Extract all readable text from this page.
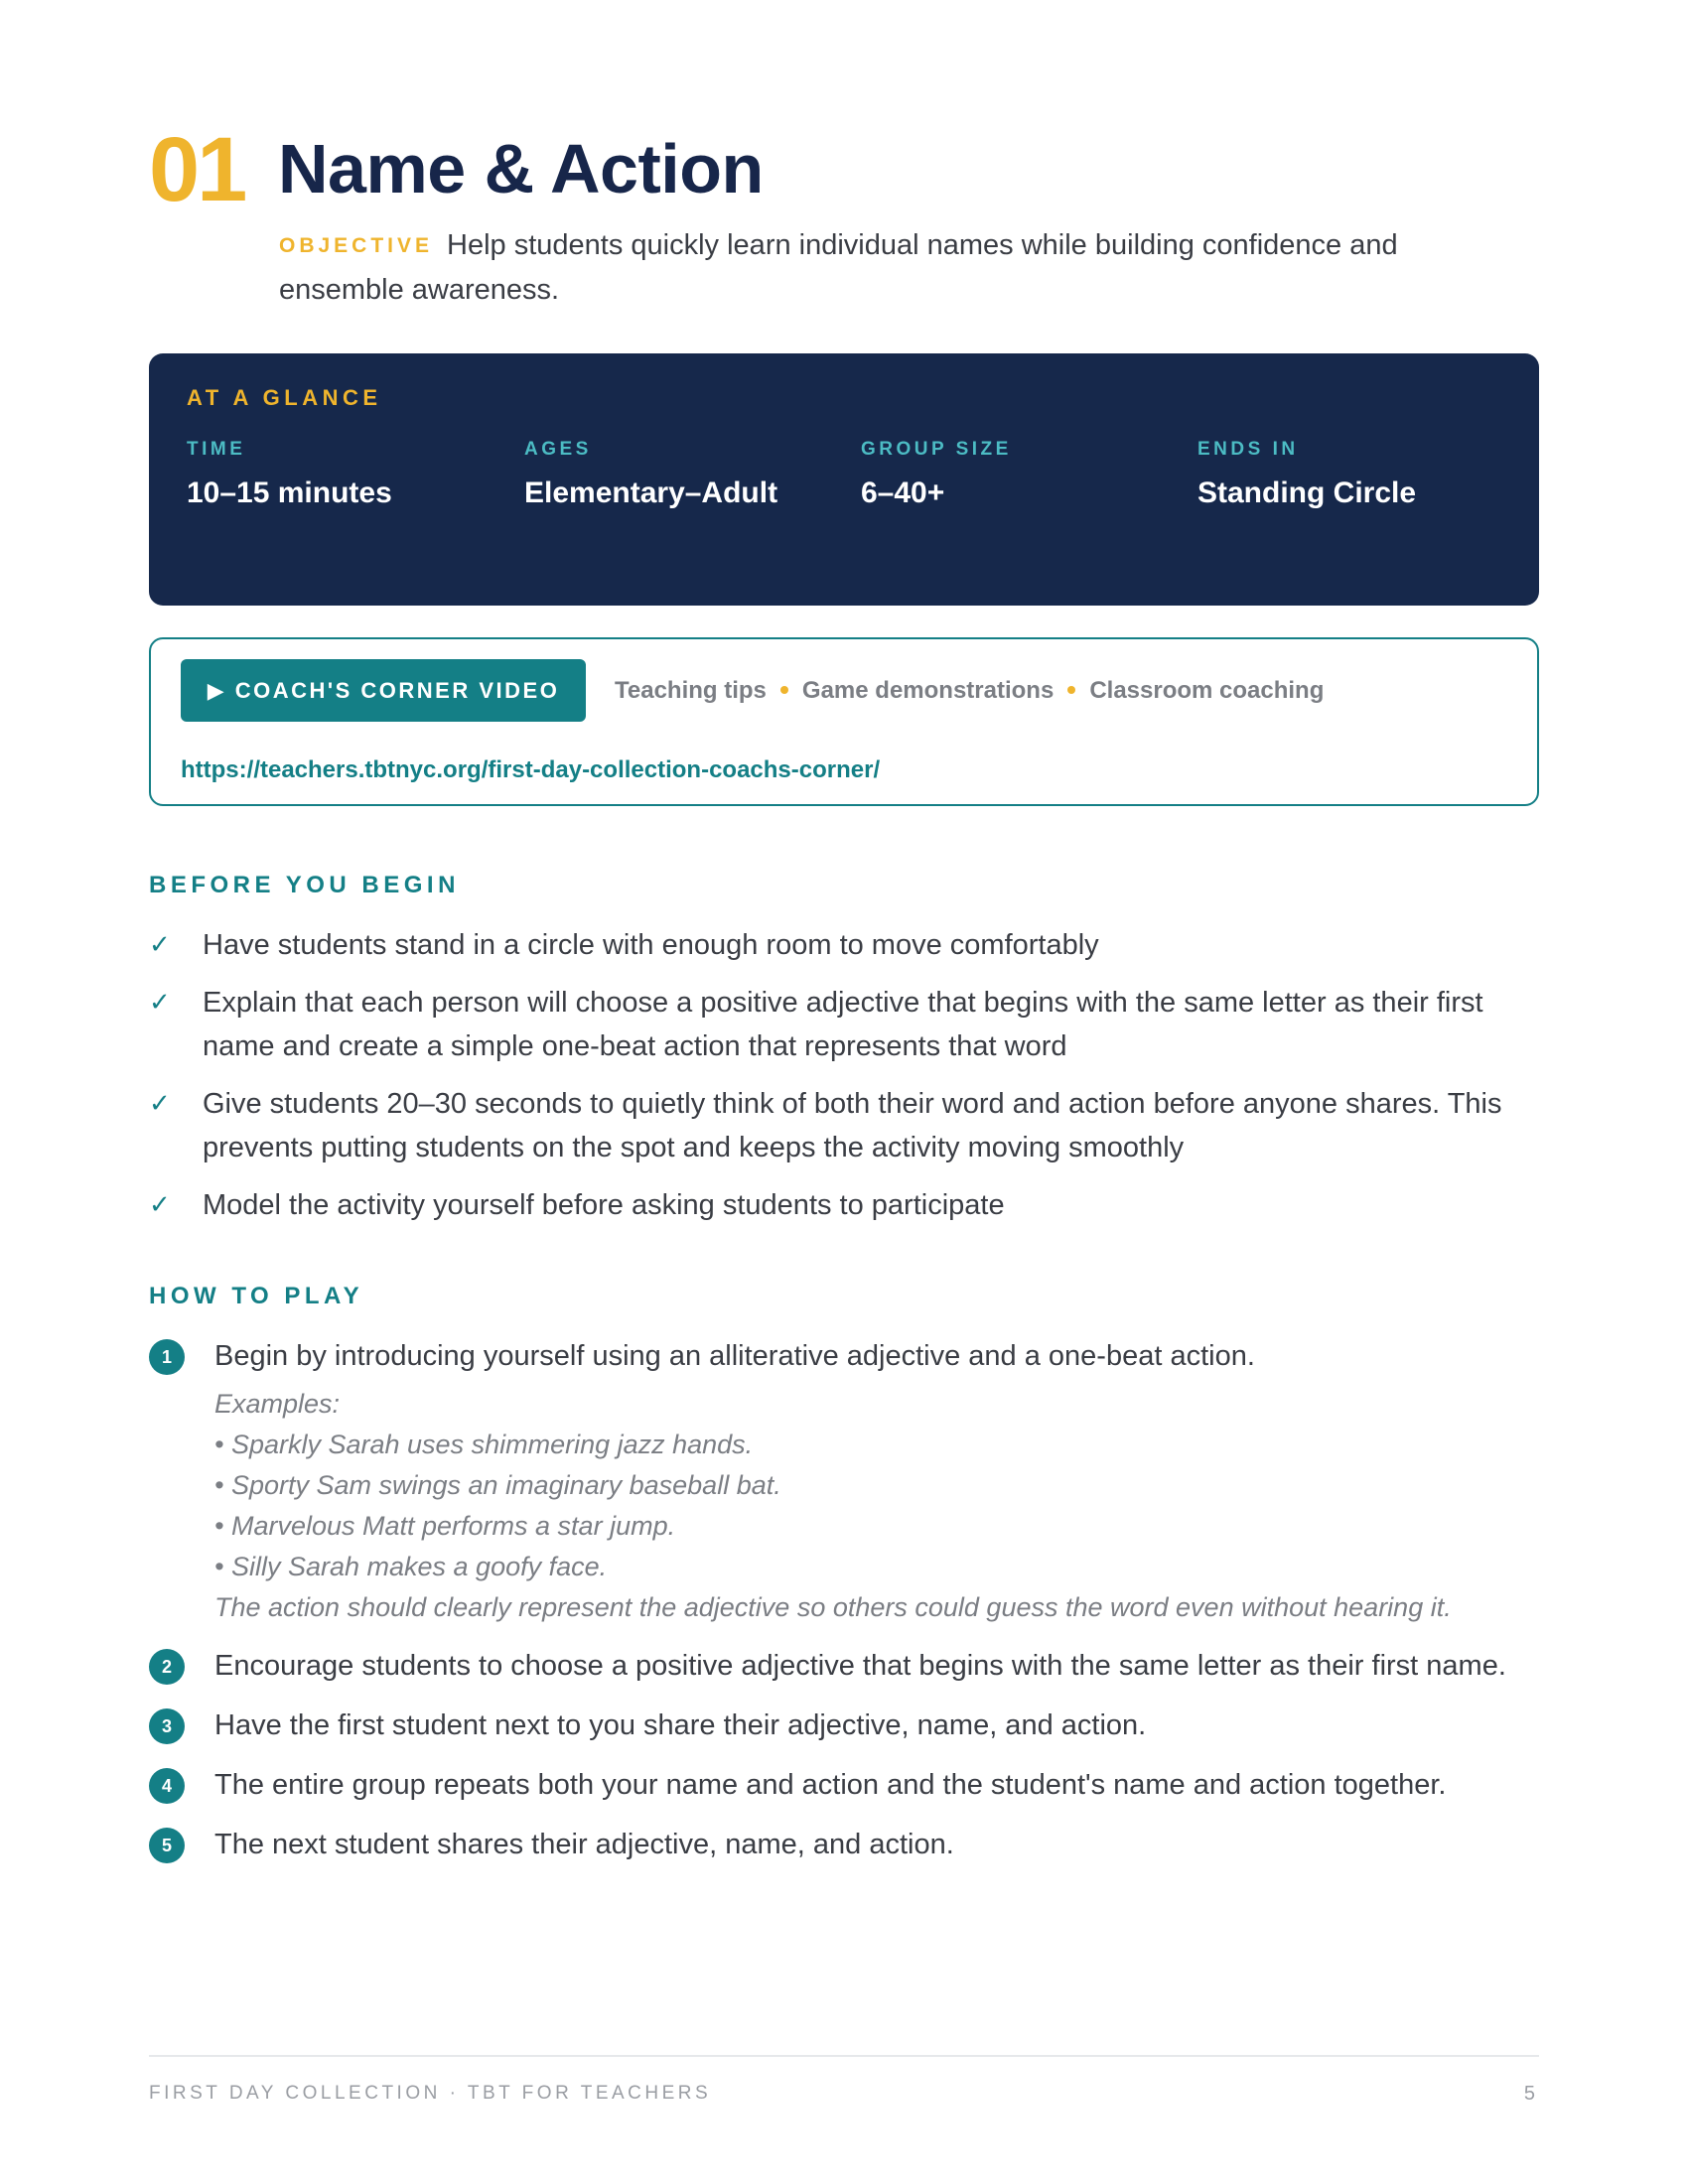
01 Name & Action
OBJECTIVE Help students quickly learn individual names while building confidence and ensemble awareness.
AT A GLANCE
TIME
10–15 minutes
AGES
Elementary–Adult
GROUP SIZE
6–40+
ENDS IN
Standing Circle
▶ COACH'S CORNER VIDEO	Teaching tips Game demonstrations Classroom coaching
https://teachers.tbtnyc.org/first-day-collection-coachs-corner/
BEFORE YOU BEGIN
✓ Have students stand in a circle with enough room to move comfortably
✓ Explain that each person will choose a positive adjective that begins with the same letter as their first name and create a simple one-beat action that represents that word
✓ Give students 20–30 seconds to quietly think of both their word and action before anyone shares. This prevents putting students on the spot and keeps the activity moving smoothly
✓ Model the activity yourself before asking students to participate
HOW TO PLAY
1	Begin by introducing yourself using an alliterative adjective and a one-beat action.
Examples:
• Sparkly Sarah uses shimmering jazz hands.
• Sporty Sam swings an imaginary baseball bat.
• Marvelous Matt performs a star jump.
• Silly Sarah makes a goofy face.
The action should clearly represent the adjective so others could guess the word even without hearing it.
2	Encourage students to choose a positive adjective that begins with the same letter as their first name.
3	Have the first student next to you share their adjective, name, and action.
4	The entire group repeats both your name and action and the student's name and action together.
5	The next student shares their adjective, name, and action.
FIRST DAY COLLECTION · TBT FOR TEACHERS	5
